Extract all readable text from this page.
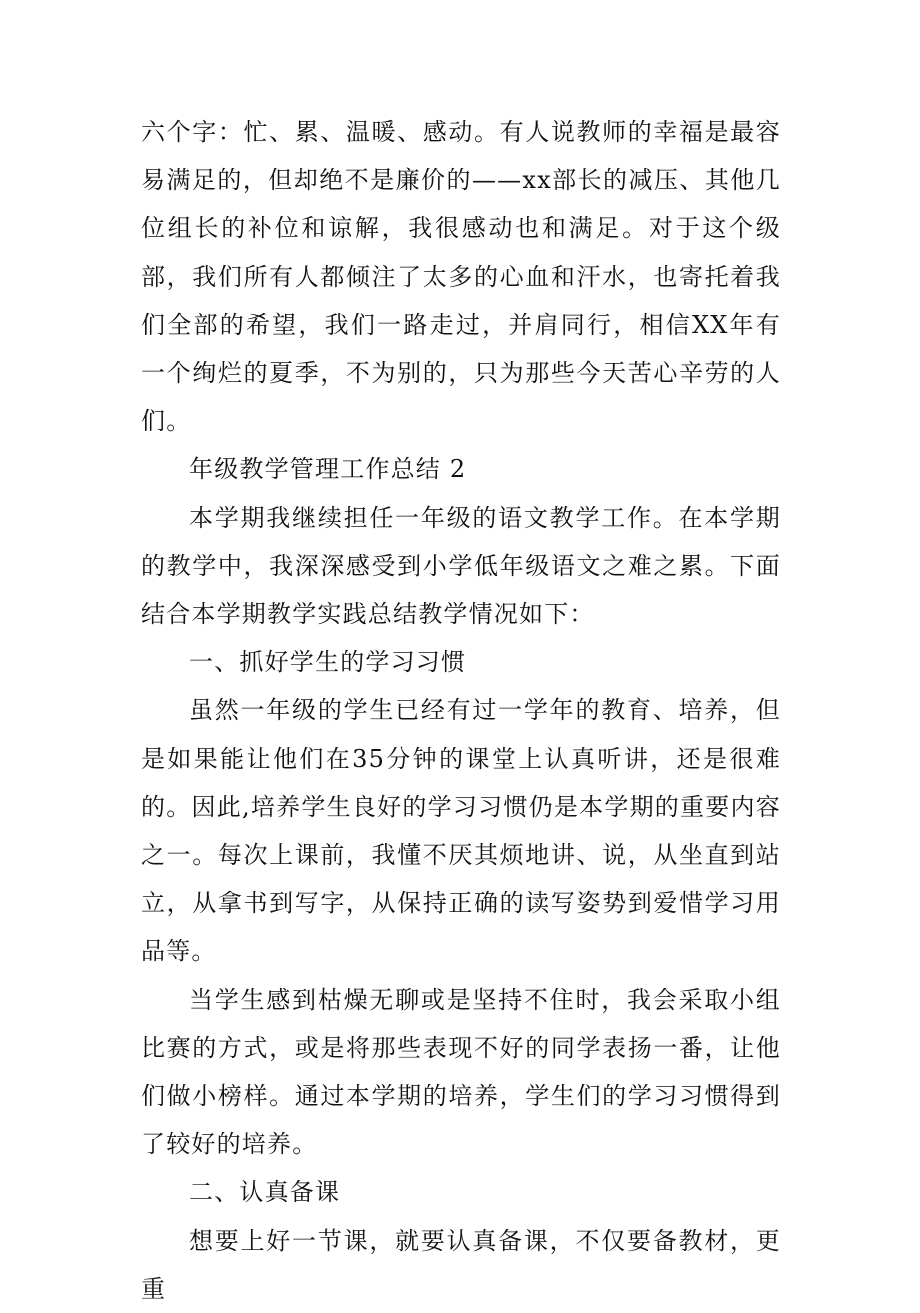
六个字：忙、累、温暖、感动。有人说教师的幸福是最容易满足的，但却绝不是廉价的——xx部长的减压、其他几位组长的补位和谅解，我很感动也和满足。对于这个级部，我们所有人都倾注了太多的心血和汗水，也寄托着我们全部的希望，我们一路走过，并肩同行，相信XX年有一个绚烂的夏季，不为别的，只为那些今天苦心辛劳的人们。

年级教学管理工作总结 2

本学期我继续担任一年级的语文教学工作。在本学期的教学中，我深深感受到小学低年级语文之难之累。下面结合本学期教学实践总结教学情况如下：

一、抓好学生的学习习惯

虽然一年级的学生已经有过一学年的教育、培养，但是如果能让他们在35分钟的课堂上认真听讲，还是很难的。因此,培养学生良好的学习习惯仍是本学期的重要内容之一。每次上课前，我懂不厌其烦地讲、说，从坐直到站立，从拿书到写字，从保持正确的读写姿势到爱惜学习用品等。

当学生感到枯燥无聊或是坚持不住时，我会采取小组比赛的方式，或是将那些表现不好的同学表扬一番，让他们做小榜样。通过本学期的培养，学生们的学习习惯得到了较好的培养。

二、认真备课

想要上好一节课，就要认真备课，不仅要备教材，更重
